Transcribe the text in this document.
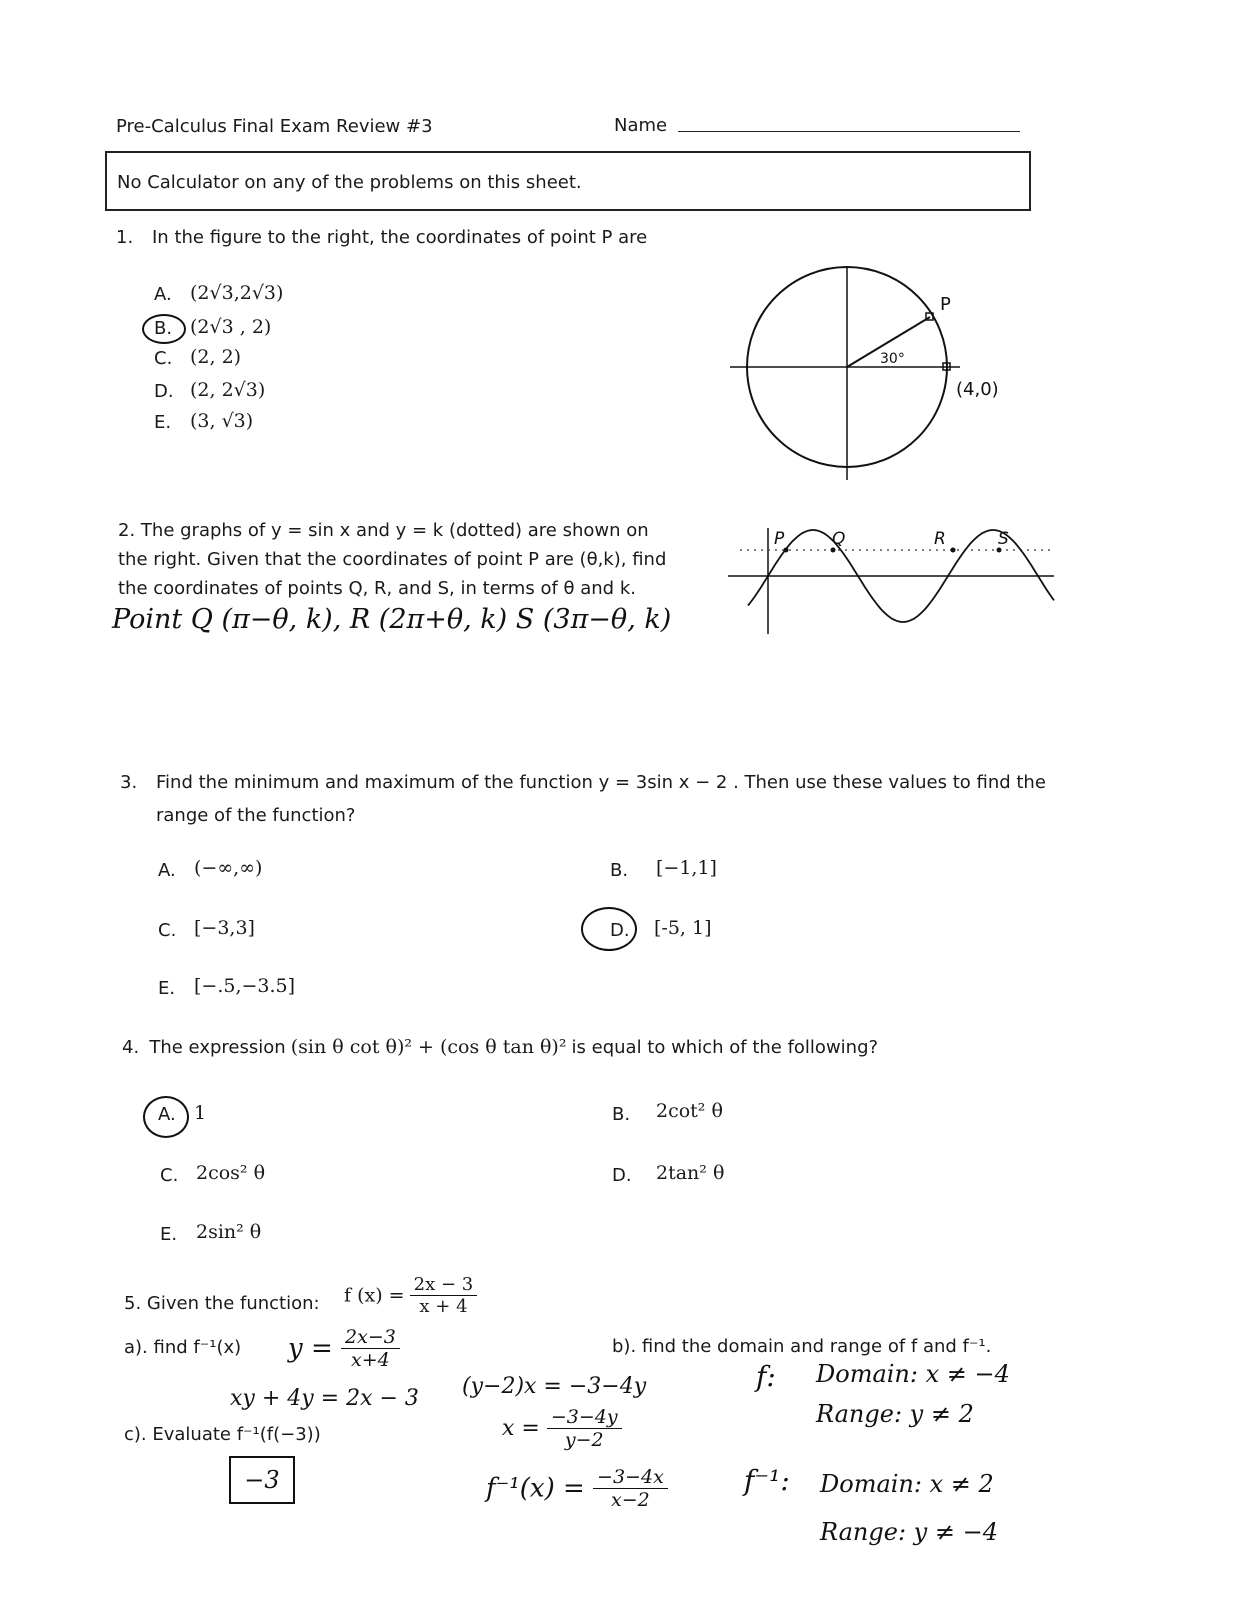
Pre-Calculus Final Exam Review #3	Name
No Calculator on any of the problems on this sheet.
1. In the figure to the right, the coordinates of point P are
A. (2√3,2√3)
B. (2√3 , 2)
C. (2, 2)
D. (2, 2√3)
E. (3, √3)
P
30°
(4,0)
2. The graphs of y = sin x and y = k (dotted) are shown on
the right. Given that the coordinates of point P are (θ,k), find
the coordinates of points Q, R, and S, in terms of θ and k.
Point Q (π−θ, k), R (2π+θ, k) S (3π−θ, k)
P	Q	R	S
3. Find the minimum and maximum of the function y = 3sin x − 2 . Then use these values to find the
range of the function?
A. (−∞,∞)	B. [−1,1]
C. [−3,3]	D. [-5, 1]
E. [−.5,−3.5]
4. The expression (sin θ cot θ)² + (cos θ tan θ)² is equal to which of the following?
A. 1	B. 2cot² θ
C. 2cos² θ	D. 2tan² θ
E. 2sin² θ
5. Given the function: f $(x) = \frac{2x - 3}{x + 4}$
a). find f⁻¹(x)	b). find the domain and range of f and f⁻¹.
c). Evaluate f⁻¹(f(−3))
$y = \frac{2x-3}{x+4}$
xy + 4y = 2x − 3 (y−2)x = −3−4y
$x = \frac{-3-4y}{y-2}$
$f^{-1}(x) = \frac{-3-4x}{x-2}$
−3
f: Domain: x ≠ −4
Range: y ≠ 2
f⁻¹: Domain: x ≠ 2
Range: y ≠ −4
